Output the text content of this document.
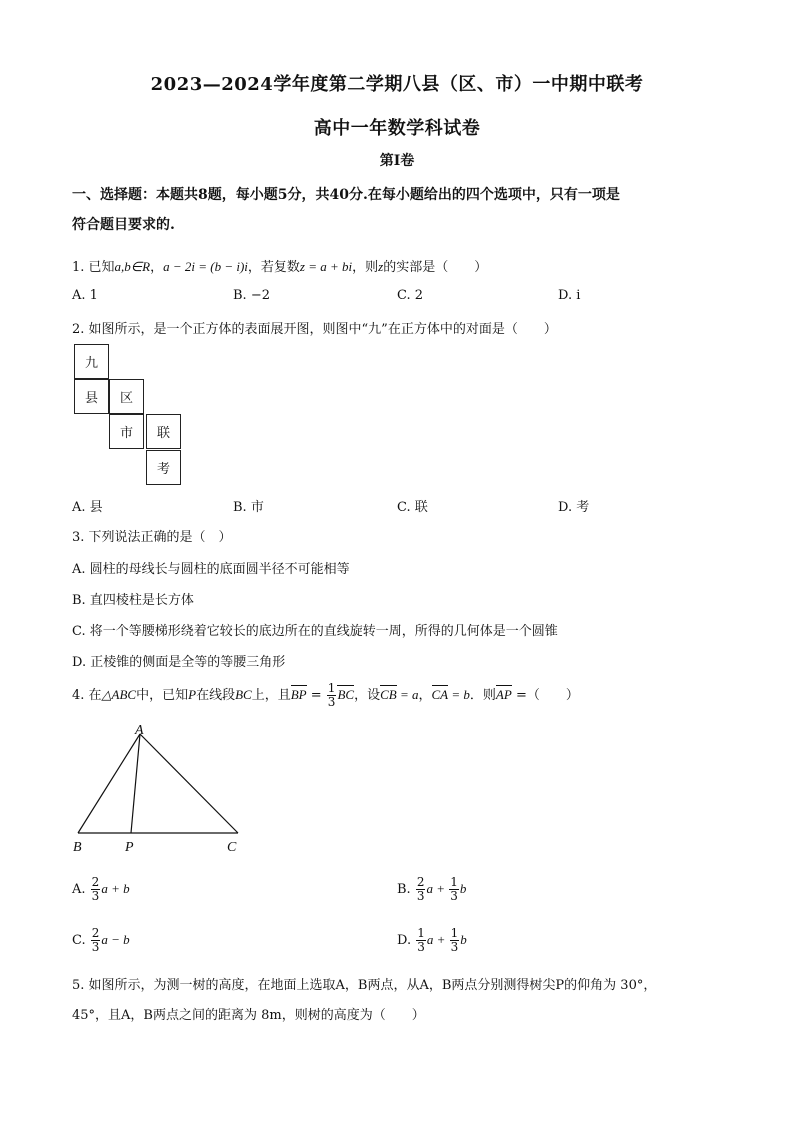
2023—2024学年度第二学期八县（区、市）一中期中联考
高中一年数学科试卷
第Ⅰ卷
一、选择题：本题共8题，每小题5分，共40分.在每小题给出的四个选项中，只有一项是
符合题目要求的.
1. 已知a,b∈R，a − 2i = (b − i)i，若复数z = a + bi，则z的实部是（　　）
A. 1	B. −2	C. 2	D. i
2. 如图所示，是一个正方体的表面展开图，则图中“九”在正方体中的对面是（　　）
九
县	区
市	联
考
A. 县	B. 市	C. 联	D. 考
3. 下列说法正确的是（　）
A. 圆柱的母线长与圆柱的底面圆半径不可能相等
B. 直四棱柱是长方体
C. 将一个等腰梯形绕着它较长的底边所在的直线旋转一周，所得的几何体是一个圆锥
D. 正棱锥的侧面是全等的等腰三角形
4. 在△ABC中，已知P在线段BC上，且BP = $\frac{1}{3}$ BC，设CB = a，CA = b．则AP =（　　）
A
B	P	C
A. $\frac{2}{3}$ a + b	B. $\frac{2}{3}$ $a + \frac{1}{3}$ b
C. $\frac{2}{3}$ a − b	D. $\frac{1}{3}$ $a + \frac{1}{3}$ b
5. 如图所示，为测一树的高度，在地面上选取A，B两点，从A，B两点分别测得树尖P的仰角为 30°，
45°，且A，B两点之间的距离为 8m，则树的高度为（　　）
